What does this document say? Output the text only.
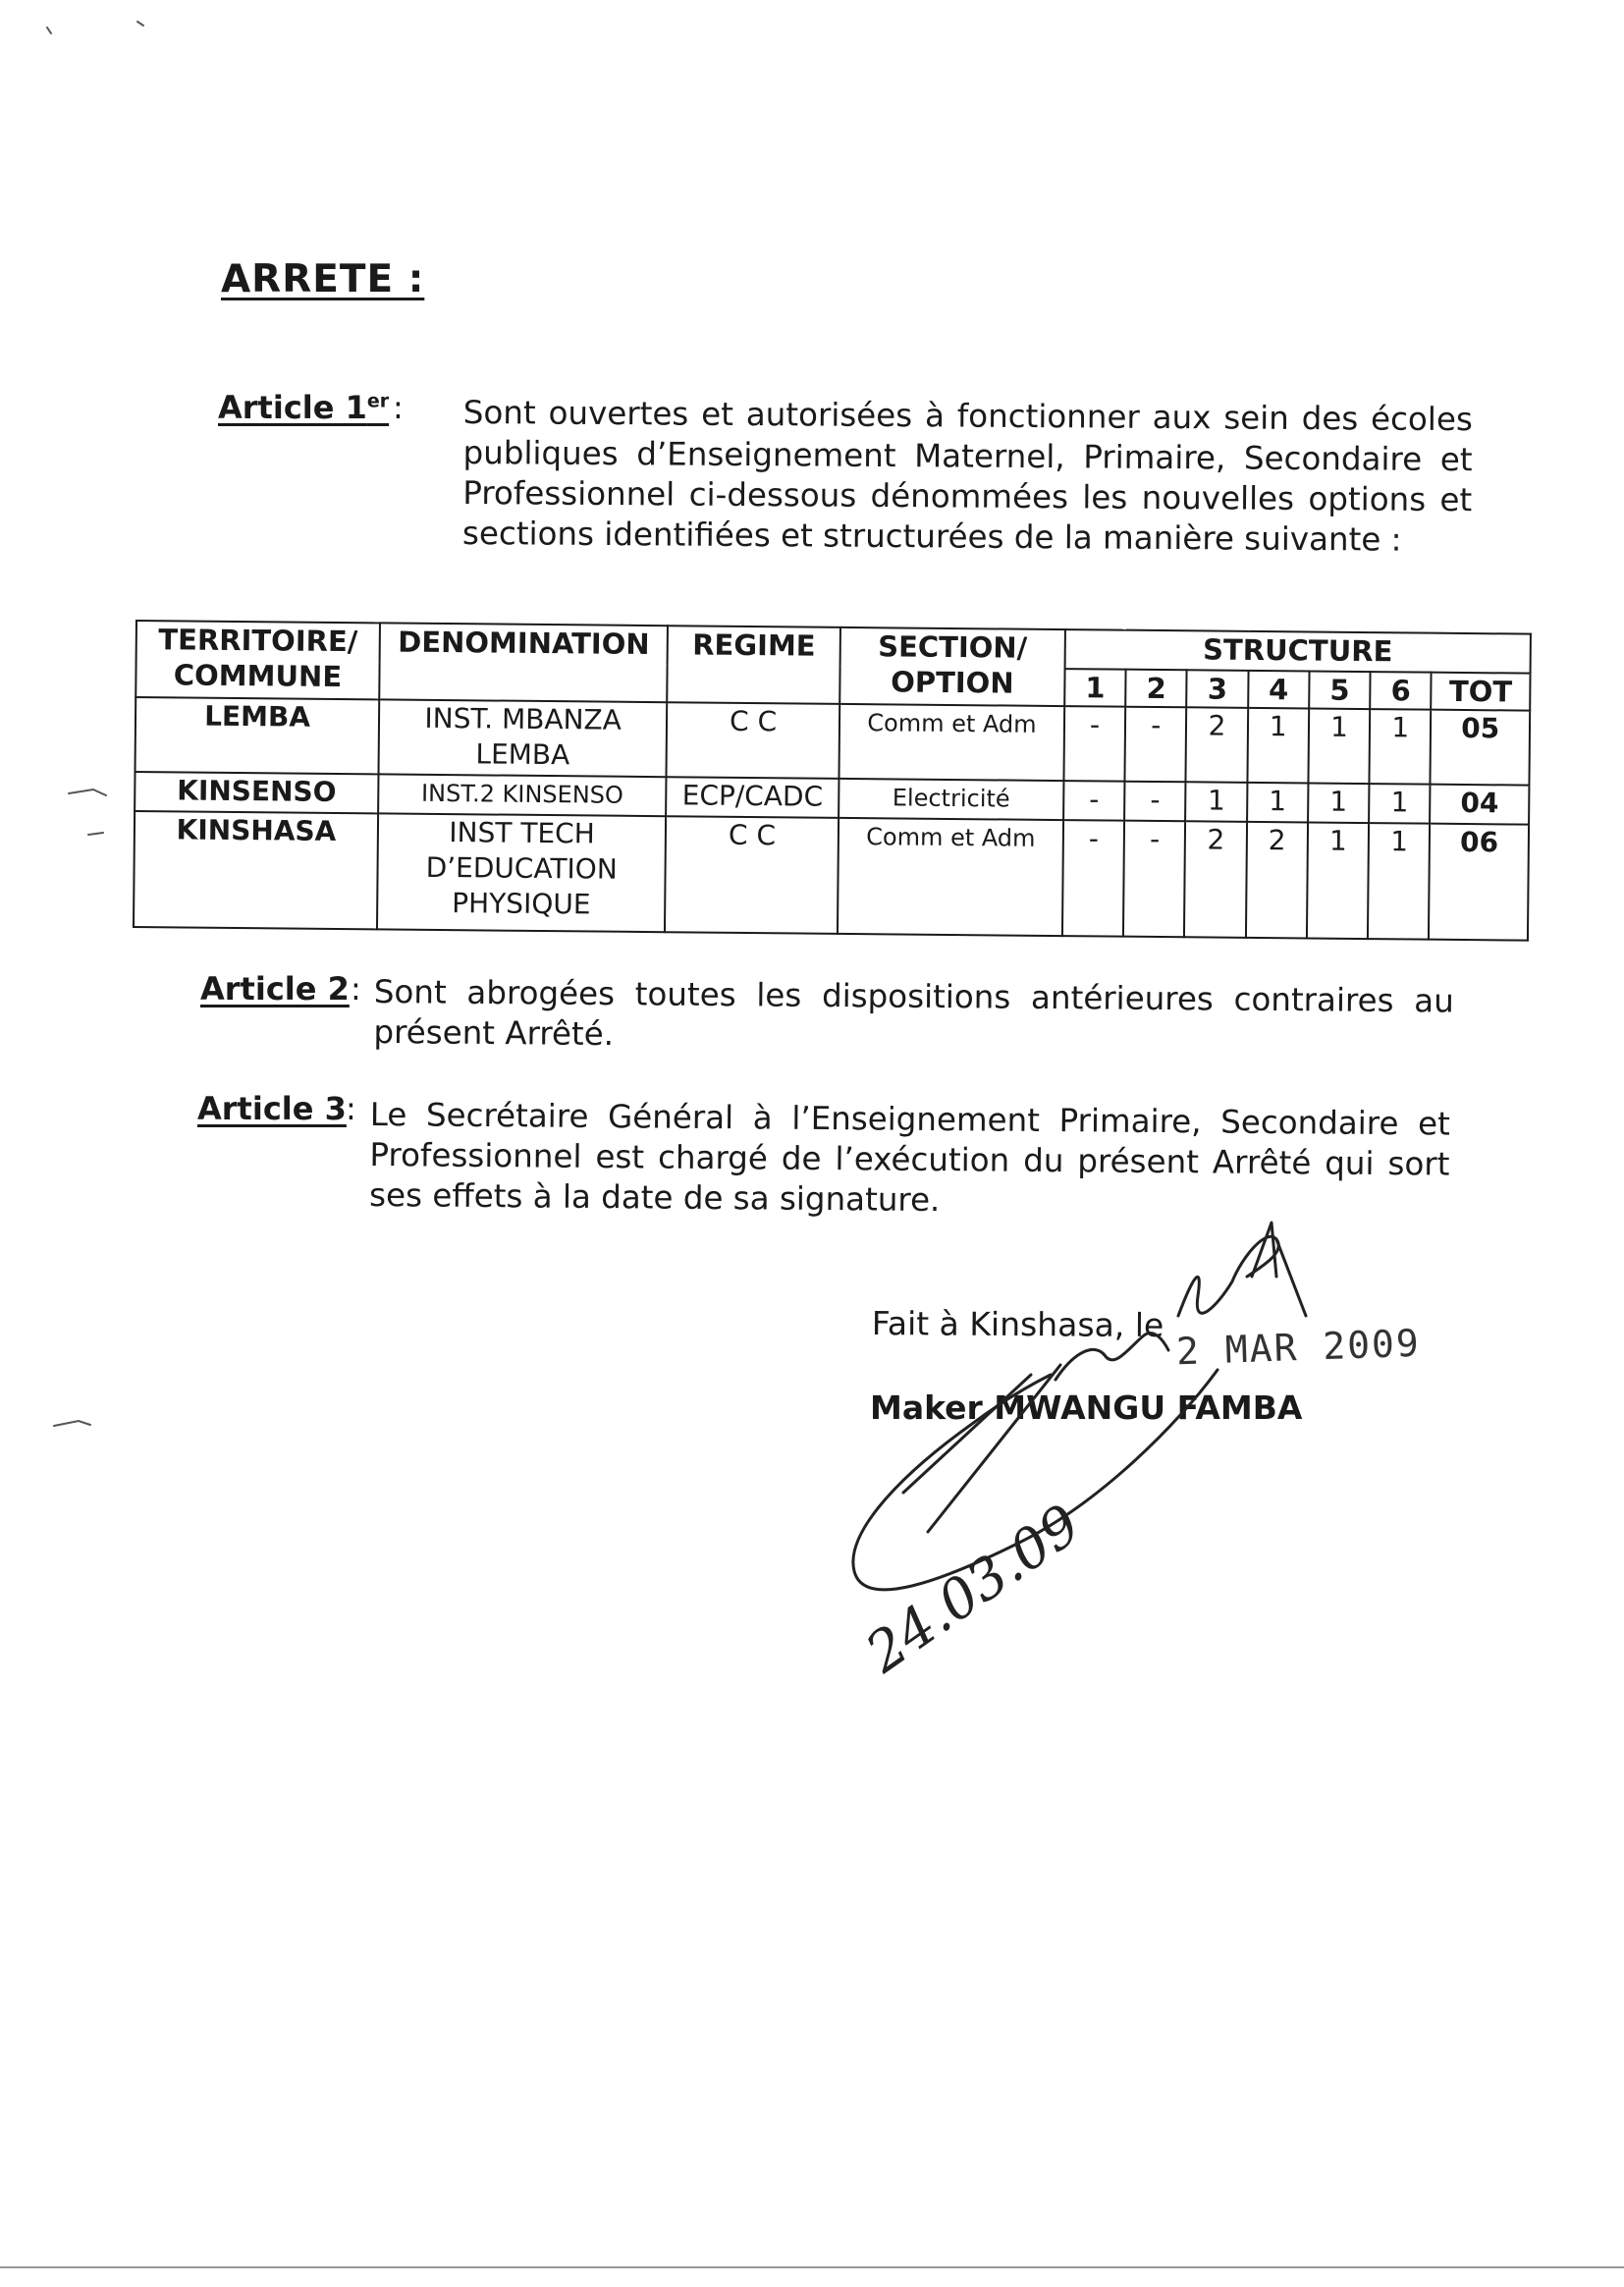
ARRETE :
Article 1er : Sont ouvertes et autorisées à fonctionner aux sein des écoles publiques d’Enseignement Maternel, Primaire, Secondaire et Professionnel ci-dessous dénommées les nouvelles options et sections identifiées et structurées de la manière suivante :
TERRITOIRE/ COMMUNE	DENOMINATION	REGIME	SECTION/ OPTION	STRUCTURE						
				1	2	3	4	5	6	TOT
LEMBA	INST. MBANZA LEMBA	C C	Comm et Adm	-	-	2	1	1	1	05
KINSENSO	INST.2 KINSENSO	ECP/CADC	Electricité	-	-	1	1	1	1	04
KINSHASA	INST TECH D’EDUCATION PHYSIQUE	C C	Comm et Adm	-	-	2	2	1	1	06
Article 2 : Sont abrogées toutes les dispositions antérieures contraires au présent Arrêté.
Article 3 : Le Secrétaire Général à l’Enseignement Primaire, Secondaire et Professionnel est chargé de l’exécution du présent Arrêté qui sort ses effets à la date de sa signature.
Fait à Kinshasa, le 2 MAR 2009
Maker MWANGU FAMBA
24.03.09
